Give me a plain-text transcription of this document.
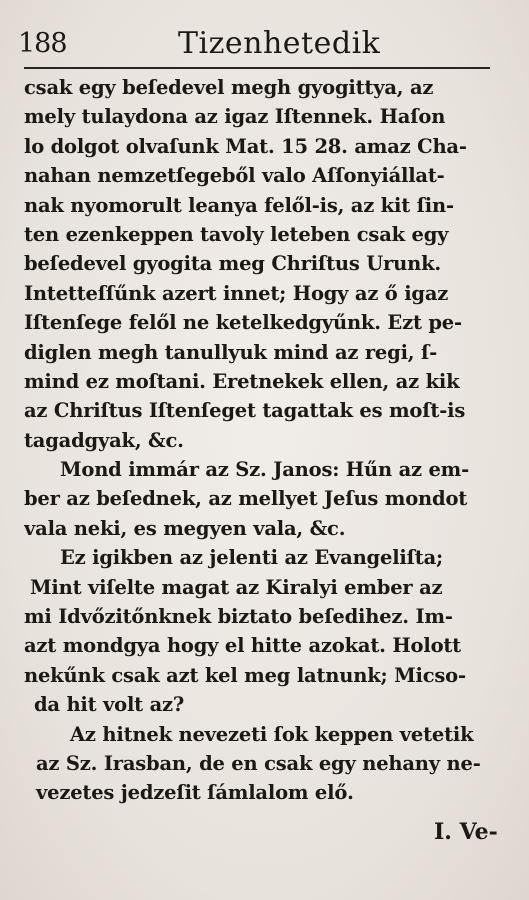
188	Tizenhetedik
csak egy beſedevel megh gyogittya, az
mely tulaydona az igaz Iſtennek. Haſon
lo dolgot olvaſunk Mat. 15 28. amaz Cha-
nahan nemzetſegeből valo Aſſonyiállat-
nak nyomorult leanya felől-is, az kit ſin-
ten ezenkeppen tavoly leteben csak egy
beſedevel gyogita meg Chriſtus Urunk.
Intetteſſűnk azert innet; Hogy az ő igaz
Iſtenſege felől ne ketelkedgyűnk. Ezt pe-
diglen megh tanullyuk mind az regi, ſ-
mind ez moſtani. Eretnekek ellen, az kik
az Chriſtus Iſtenſeget tagattak es moſt-is
tagadgyak, &c.
Mond immár az Sz. Janos: Hűn az em-
ber az beſednek, az mellyet Jeſus mondot
vala neki, es megyen vala, &c.
Ez igikben az jelenti az Evangeliſta;
Mint viſelte magat az Kiralyi ember az
mi Idvőzitőnknek biztato beſedihez. Im-
azt mondgya hogy el hitte azokat. Holott
nekűnk csak azt kel meg latnunk; Micso-
da hit volt az?
Az hitnek nevezeti ſok keppen vetetik
az Sz. Irasban, de en csak egy nehany ne-
vezetes jedzeſit ſámlalom elő.
I. Ve-
